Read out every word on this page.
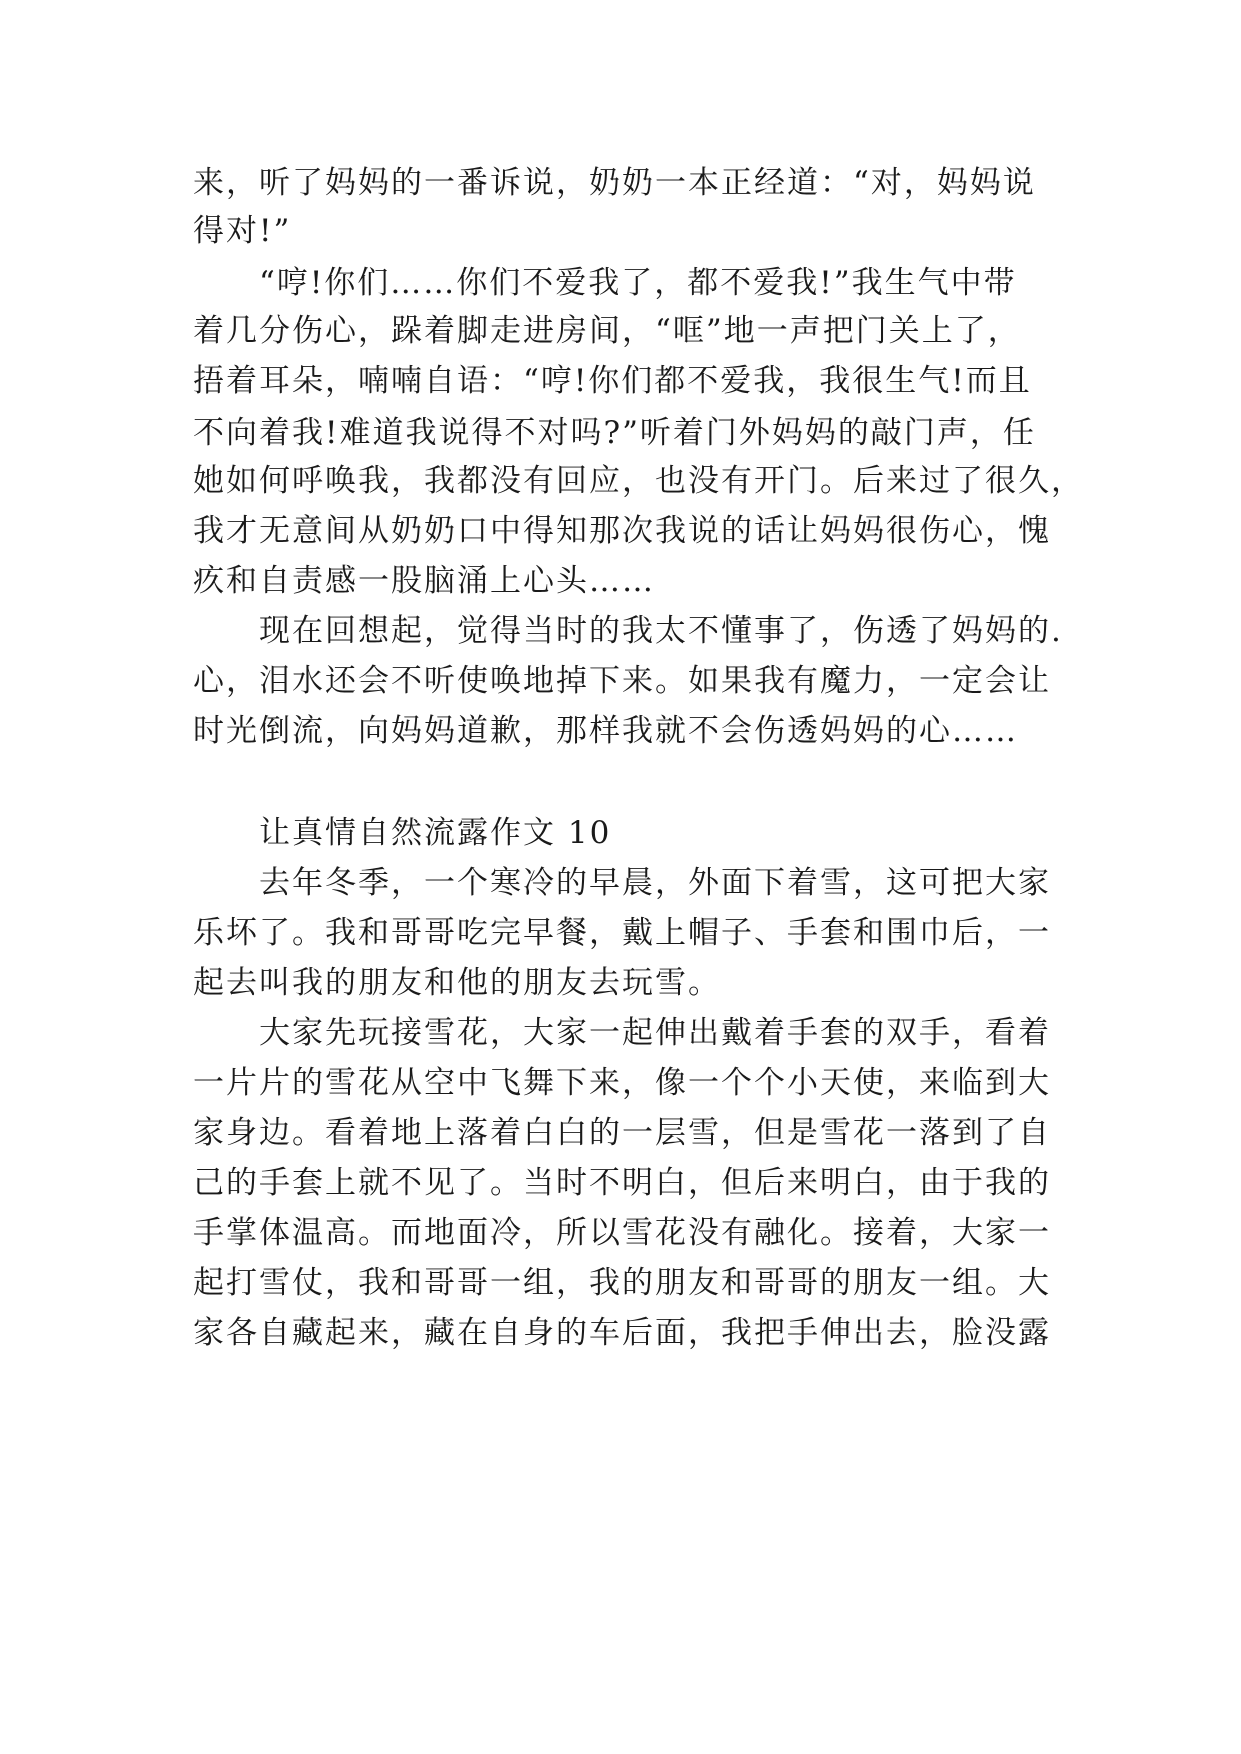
来，听了妈妈的一番诉说，奶奶一本正经道：“对，妈妈说
得对!”
“哼!你们……你们不爱我了，都不爱我!”我生气中带
着几分伤心，跺着脚走进房间，“哐”地一声把门关上了，
捂着耳朵，喃喃自语：“哼!你们都不爱我，我很生气!而且
不向着我!难道我说得不对吗?”听着门外妈妈的敲门声，任
她如何呼唤我，我都没有回应，也没有开门。后来过了很久，
我才无意间从奶奶口中得知那次我说的话让妈妈很伤心，愧
疚和自责感一股脑涌上心头……
现在回想起，觉得当时的我太不懂事了，伤透了妈妈的.
心，泪水还会不听使唤地掉下来。如果我有魔力，一定会让
时光倒流，向妈妈道歉，那样我就不会伤透妈妈的心……
让真情自然流露作文 10
去年冬季，一个寒冷的早晨，外面下着雪，这可把大家
乐坏了。我和哥哥吃完早餐，戴上帽子、手套和围巾后，一
起去叫我的朋友和他的朋友去玩雪。
大家先玩接雪花，大家一起伸出戴着手套的双手，看着
一片片的雪花从空中飞舞下来，像一个个小天使，来临到大
家身边。看着地上落着白白的一层雪，但是雪花一落到了自
己的手套上就不见了。当时不明白，但后来明白，由于我的
手掌体温高。而地面冷，所以雪花没有融化。接着，大家一
起打雪仗，我和哥哥一组，我的朋友和哥哥的朋友一组。大
家各自藏起来，藏在自身的车后面，我把手伸出去，脸没露
